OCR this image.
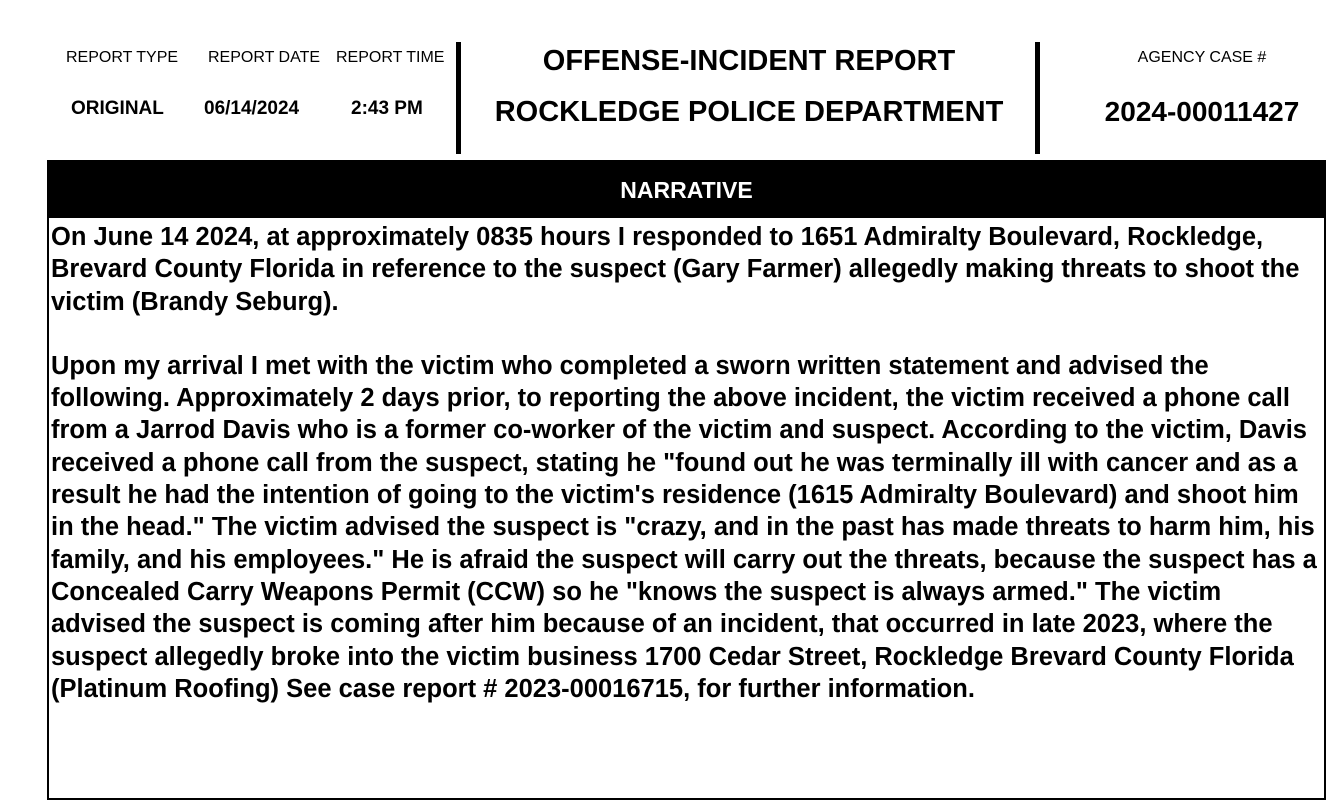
REPORT TYPE REPORT DATE REPORT TIME
ORIGINAL 06/14/2024	2:43 PM
OFFENSE-INCIDENT REPORT
ROCKLEDGE POLICE DEPARTMENT
AGENCY CASE #
2024-00011427
NARRATIVE

On June 14 2024, at approximately 0835 hours I responded to 1651 Admiralty Boulevard, Rockledge, Brevard County Florida in reference to the suspect (Gary Farmer) allegedly making threats to shoot the victim (Brandy Seburg).

Upon my arrival I met with the victim who completed a sworn written statement and advised the following. Approximately 2 days prior, to reporting the above incident, the victim received a phone call from a Jarrod Davis who is a former co-worker of the victim and suspect. According to the victim, Davis received a phone call from the suspect, stating he "found out he was terminally ill with cancer and as a result he had the intention of going to the victim's residence (1615 Admiralty Boulevard) and shoot him in the head." The victim advised the suspect is "crazy, and in the past has made threats to harm him, his family, and his employees." He is afraid the suspect will carry out the threats, because the suspect has a Concealed Carry Weapons Permit (CCW) so he "knows the suspect is always armed." The victim advised the suspect is coming after him because of an incident, that occurred in late 2023, where the suspect allegedly broke into the victim business 1700 Cedar Street, Rockledge Brevard County Florida (Platinum Roofing) See case report # 2023-00016715, for further information.
